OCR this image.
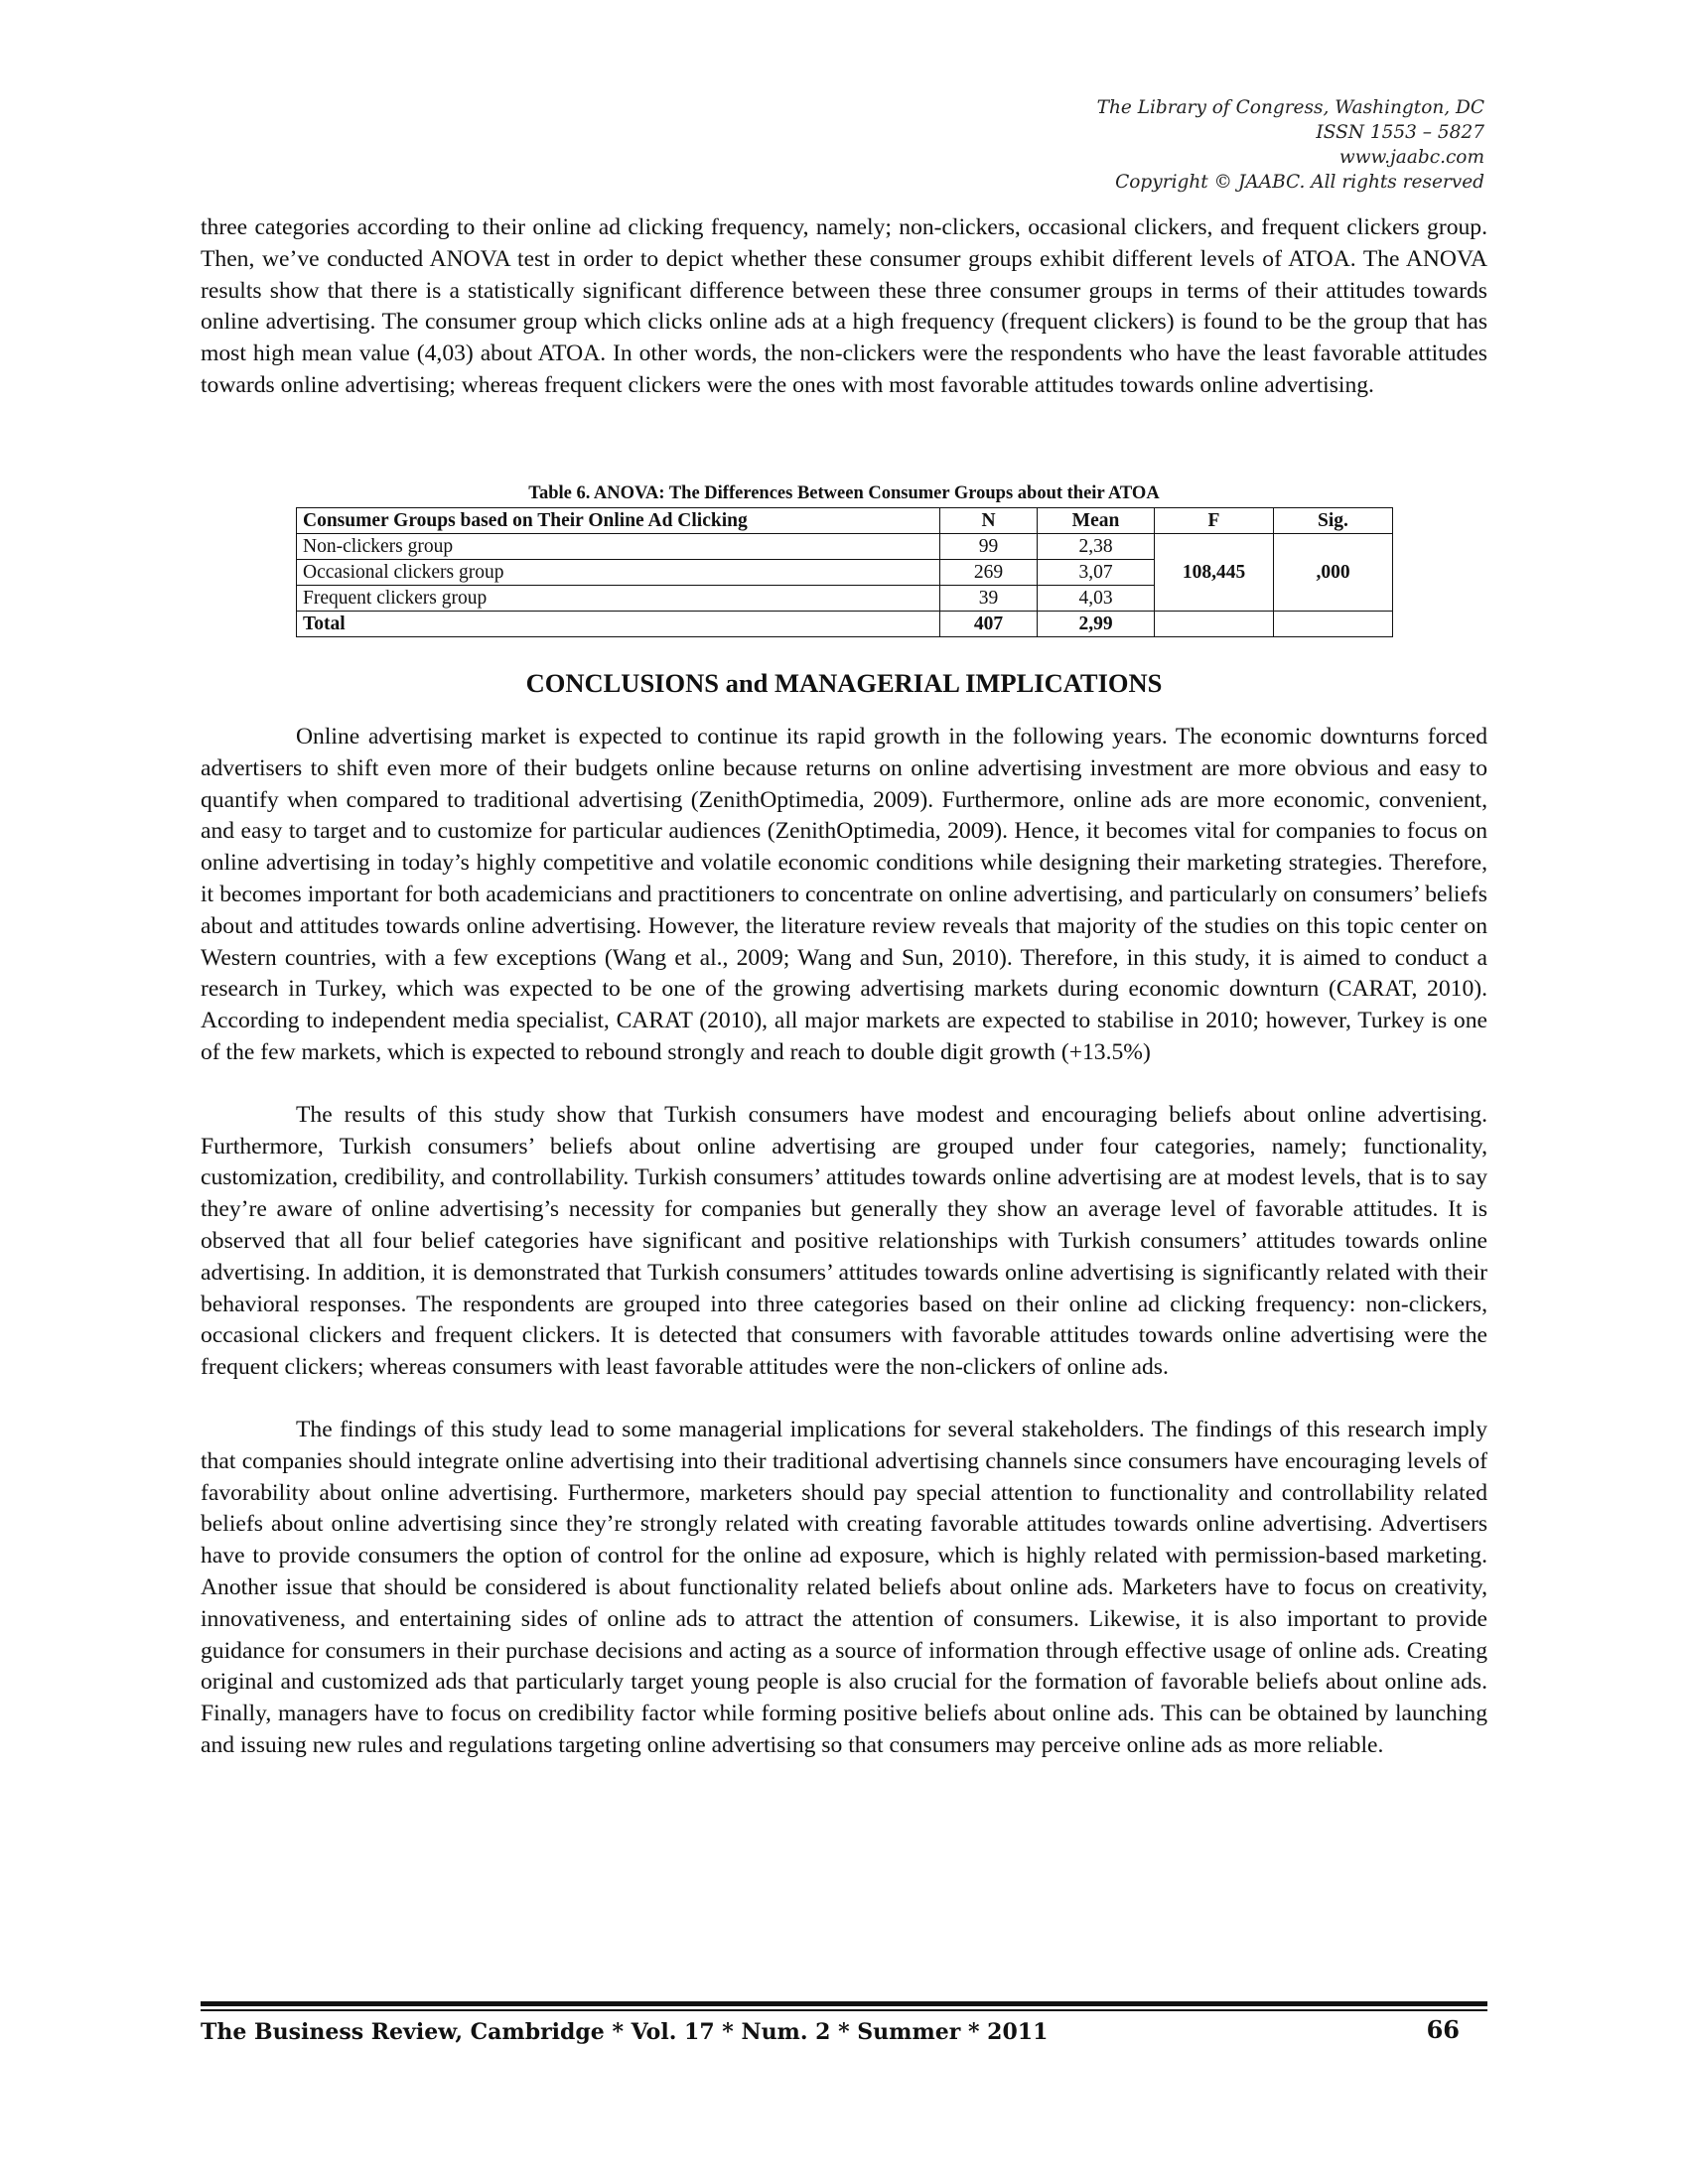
The Library of Congress, Washington, DC
ISSN 1553 – 5827
www.jaabc.com
Copyright © JAABC. All rights reserved

three categories according to their online ad clicking frequency, namely; non-clickers, occasional clickers, and frequent clickers group. Then, we’ve conducted ANOVA test in order to depict whether these consumer groups exhibit different levels of ATOA. The ANOVA results show that there is a statistically significant difference between these three consumer groups in terms of their attitudes towards online advertising. The consumer group which clicks online ads at a high frequency (frequent clickers) is found to be the group that has most high mean value (4,03) about ATOA. In other words, the non-clickers were the respondents who have the least favorable attitudes towards online advertising; whereas frequent clickers were the ones with most favorable attitudes towards online advertising.

Table 6. ANOVA: The Differences Between Consumer Groups about their ATOA
Consumer Groups based on Their Online Ad Clicking	N	Mean	F	Sig.
Non-clickers group	99	2,38	108,445	,000
Occasional clickers group	269	3,07		
Frequent clickers group	39	4,03		
Total	407	2,99		
CONCLUSIONS and MANAGERIAL IMPLICATIONS

Online advertising market is expected to continue its rapid growth in the following years. The economic downturns forced advertisers to shift even more of their budgets online because returns on online advertising investment are more obvious and easy to quantify when compared to traditional advertising (ZenithOptimedia, 2009). Furthermore, online ads are more economic, convenient, and easy to target and to customize for particular audiences (ZenithOptimedia, 2009). Hence, it becomes vital for companies to focus on online advertising in today’s highly competitive and volatile economic conditions while designing their marketing strategies. Therefore, it becomes important for both academicians and practitioners to concentrate on online advertising, and particularly on consumers’ beliefs about and attitudes towards online advertising. However, the literature review reveals that majority of the studies on this topic center on Western countries, with a few exceptions (Wang et al., 2009; Wang and Sun, 2010). Therefore, in this study, it is aimed to conduct a research in Turkey, which was expected to be one of the growing advertising markets during economic downturn (CARAT, 2010). According to independent media specialist, CARAT (2010), all major markets are expected to stabilise in 2010; however, Turkey is one of the few markets, which is expected to rebound strongly and reach to double digit growth (+13.5%)

The results of this study show that Turkish consumers have modest and encouraging beliefs about online advertising. Furthermore, Turkish consumers’ beliefs about online advertising are grouped under four categories, namely; functionality, customization, credibility, and controllability. Turkish consumers’ attitudes towards online advertising are at modest levels, that is to say they’re aware of online advertising’s necessity for companies but generally they show an average level of favorable attitudes. It is observed that all four belief categories have significant and positive relationships with Turkish consumers’ attitudes towards online advertising. In addition, it is demonstrated that Turkish consumers’ attitudes towards online advertising is significantly related with their behavioral responses. The respondents are grouped into three categories based on their online ad clicking frequency: non-clickers, occasional clickers and frequent clickers. It is detected that consumers with favorable attitudes towards online advertising were the frequent clickers; whereas consumers with least favorable attitudes were the non-clickers of online ads.

The findings of this study lead to some managerial implications for several stakeholders. The findings of this research imply that companies should integrate online advertising into their traditional advertising channels since consumers have encouraging levels of favorability about online advertising. Furthermore, marketers should pay special attention to functionality and controllability related beliefs about online advertising since they’re strongly related with creating favorable attitudes towards online advertising. Advertisers have to provide consumers the option of control for the online ad exposure, which is highly related with permission-based marketing. Another issue that should be considered is about functionality related beliefs about online ads. Marketers have to focus on creativity, innovativeness, and entertaining sides of online ads to attract the attention of consumers. Likewise, it is also important to provide guidance for consumers in their purchase decisions and acting as a source of information through effective usage of online ads. Creating original and customized ads that particularly target young people is also crucial for the formation of favorable beliefs about online ads. Finally, managers have to focus on credibility factor while forming positive beliefs about online ads. This can be obtained by launching and issuing new rules and regulations targeting online advertising so that consumers may perceive online ads as more reliable.

The Business Review, Cambridge * Vol. 17 * Num. 2 * Summer * 2011	66
